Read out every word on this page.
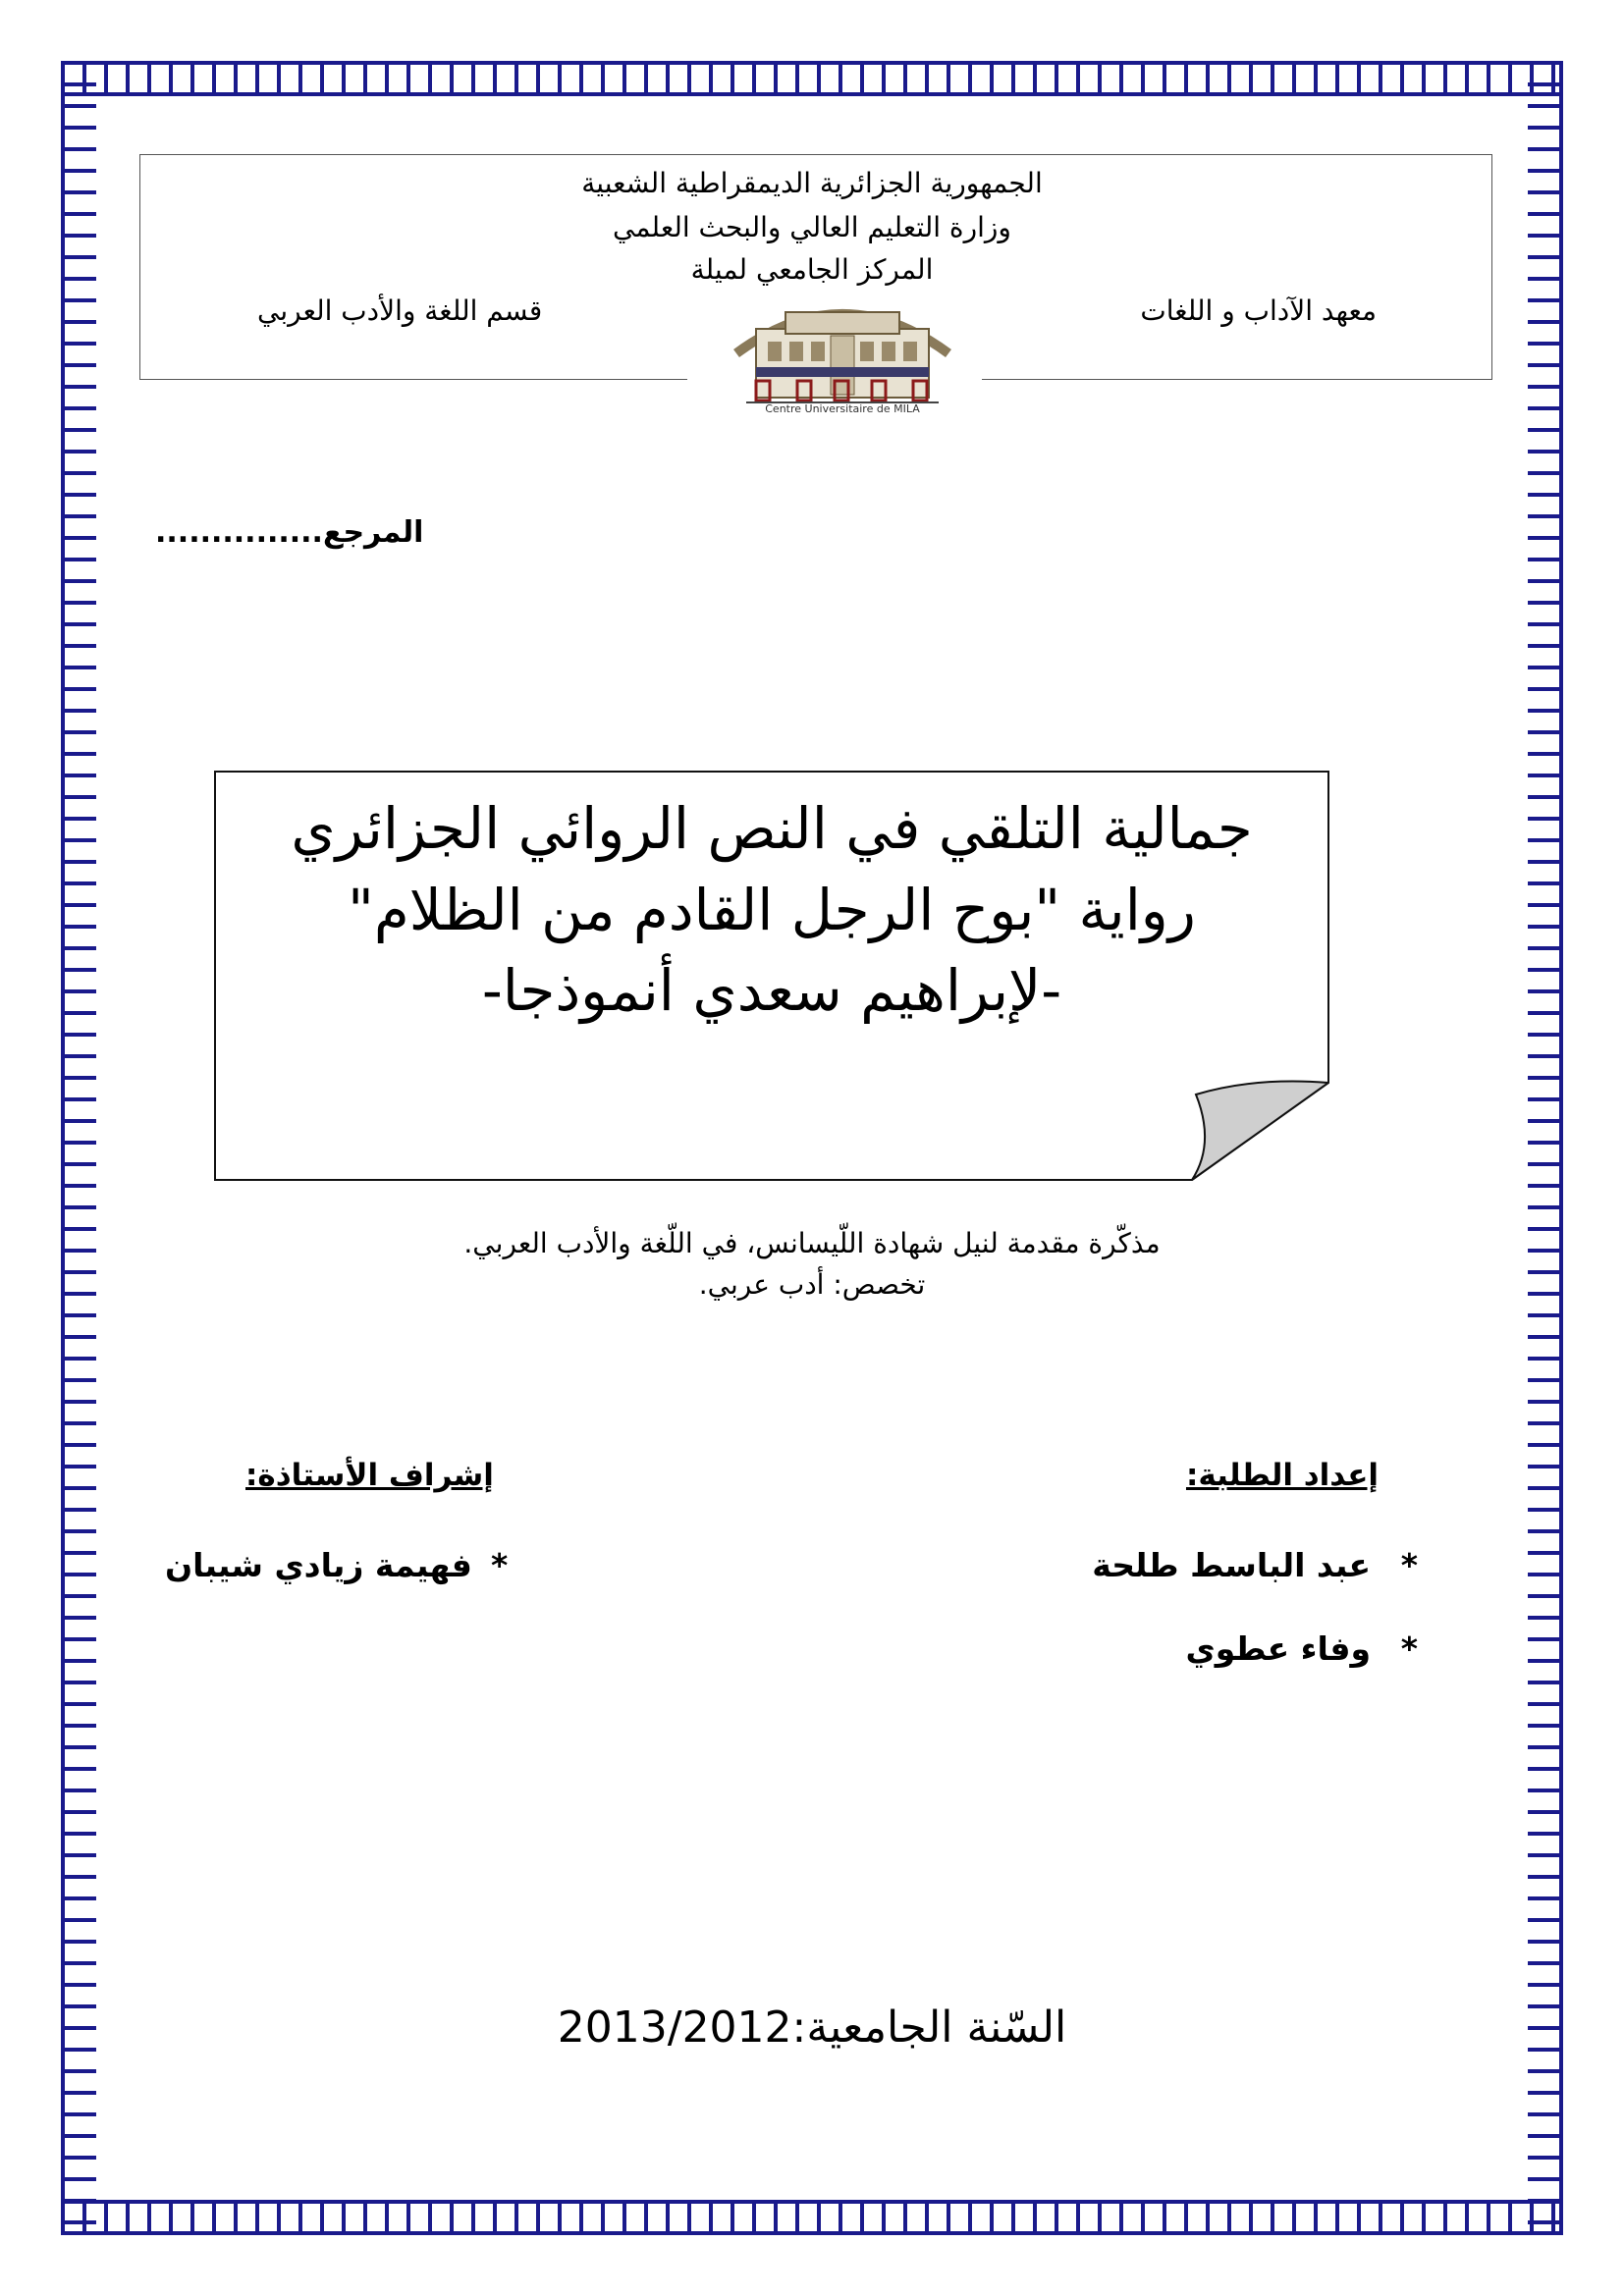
الجمهورية الجزائرية الديمقراطية الشعبية
وزارة التعليم العالي والبحث العلمي
المركز الجامعي لميلة
معهد الآداب و اللغات
قسم اللغة والأدب العربي
Centre Universitaire de MILA
المرجع...............
جمالية التلقي في النص الروائي الجزائري
رواية "بوح الرجل القادم من الظلام"
-لإبراهيم سعدي أنموذجا-
مذكّرة مقدمة لنيل شهادة اللّيسانس، في اللّغة والأدب العربي.
تخصص: أدب عربي.
إعداد الطلبة:
*
عبد الباسط طلحة
*
وفاء عطوي
إشراف الأستاذة:
*
فهيمة زيادي شيبان
السّنة الجامعية:2013/2012
